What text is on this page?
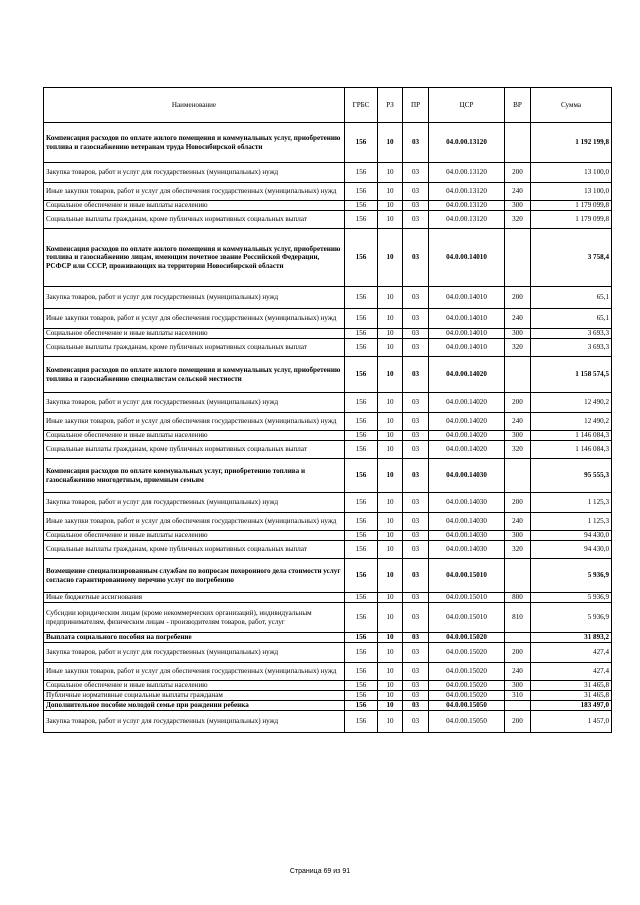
Наименование	ГРБС	РЗ	ПР	ЦСР	ВР	Сумма
Компенсация расходов по оплате жилого помещения и коммунальных услуг, приобретению топлива и газоснабжению ветеранам труда Новосибирской области	156	10	03	04.0.00.13120		1 192 199,8
Закупка товаров, работ и услуг для государственных (муниципальных) нужд	156	10	03	04.0.00.13120	200	13 100,0
Иные закупки товаров, работ и услуг для обеспечения государственных (муниципальных) нужд	156	10	03	04.0.00.13120	240	13 100,0
Социальное обеспечение и иные выплаты населению	156	10	03	04.0.00.13120	300	1 179 099,8
Социальные выплаты гражданам, кроме публичных нормативных социальных выплат	156	10	03	04.0.00.13120	320	1 179 099,8
Компенсация расходов по оплате жилого помещения и коммунальных услуг, приобретению топлива и газоснабжению лицам, имеющим почетное звание Российской Федерации, РСФСР или СССР, проживающих на территории Новосибирской области	156	10	03	04.0.00.14010		3 758,4
Закупка товаров, работ и услуг для государственных (муниципальных) нужд	156	10	03	04.0.00.14010	200	65,1
Иные закупки товаров, работ и услуг для обеспечения государственных (муниципальных) нужд	156	10	03	04.0.00.14010	240	65,1
Социальное обеспечение и иные выплаты населению	156	10	03	04.0.00.14010	300	3 693,3
Социальные выплаты гражданам, кроме публичных нормативных социальных выплат	156	10	03	04.0.00.14010	320	3 693,3
Компенсация расходов по оплате жилого помещения и коммунальных услуг, приобретению топлива и газоснабжению специалистам сельской местности	156	10	03	04.0.00.14020		1 158 574,5
Закупка товаров, работ и услуг для государственных (муниципальных) нужд	156	10	03	04.0.00.14020	200	12 490,2
Иные закупки товаров, работ и услуг для обеспечения государственных (муниципальных) нужд	156	10	03	04.0.00.14020	240	12 490,2
Социальное обеспечение и иные выплаты населению	156	10	03	04.0.00.14020	300	1 146 084,3
Социальные выплаты гражданам, кроме публичных нормативных социальных выплат	156	10	03	04.0.00.14020	320	1 146 084,3
Компенсация расходов по оплате коммунальных услуг, приобретению топлива и газоснабжению многодетным, приемным семьям	156	10	03	04.0.00.14030		95 555,3
Закупка товаров, работ и услуг для государственных (муниципальных) нужд	156	10	03	04.0.00.14030	200	1 125,3
Иные закупки товаров, работ и услуг для обеспечения государственных (муниципальных) нужд	156	10	03	04.0.00.14030	240	1 125,3
Социальное обеспечение и иные выплаты населению	156	10	03	04.0.00.14030	300	94 430,0
Социальные выплаты гражданам, кроме публичных нормативных социальных выплат	156	10	03	04.0.00.14030	320	94 430,0
Возмещение специализированным службам по вопросам похоронного дела стоимости услуг согласно гарантированному перечню услуг по погребению	156	10	03	04.0.00.15010		5 936,9
Иные бюджетные ассигнования	156	10	03	04.0.00.15010	800	5 936,9
Субсидии юридическим лицам (кроме некоммерческих организаций), индивидуальным предпринимателям, физическим лицам - производителям товаров, работ, услуг	156	10	03	04.0.00.15010	810	5 936,9
Выплата социального пособия на погребение	156	10	03	04.0.00.15020		31 893,2
Закупка товаров, работ и услуг для государственных (муниципальных) нужд	156	10	03	04.0.00.15020	200	427,4
Иные закупки товаров, работ и услуг для обеспечения государственных (муниципальных) нужд	156	10	03	04.0.00.15020	240	427,4
Социальное обеспечение и иные выплаты населению	156	10	03	04.0.00.15020	300	31 465,8
Публичные нормативные социальные выплаты гражданам	156	10	03	04.0.00.15020	310	31 465,8
Дополнительное пособие молодой семье при рождении ребенка	156	10	03	04.0.00.15050		183 497,0
Закупка товаров, работ и услуг для государственных (муниципальных) нужд	156	10	03	04.0.00.15050	200	1 457,0
Страница 69 из 91
